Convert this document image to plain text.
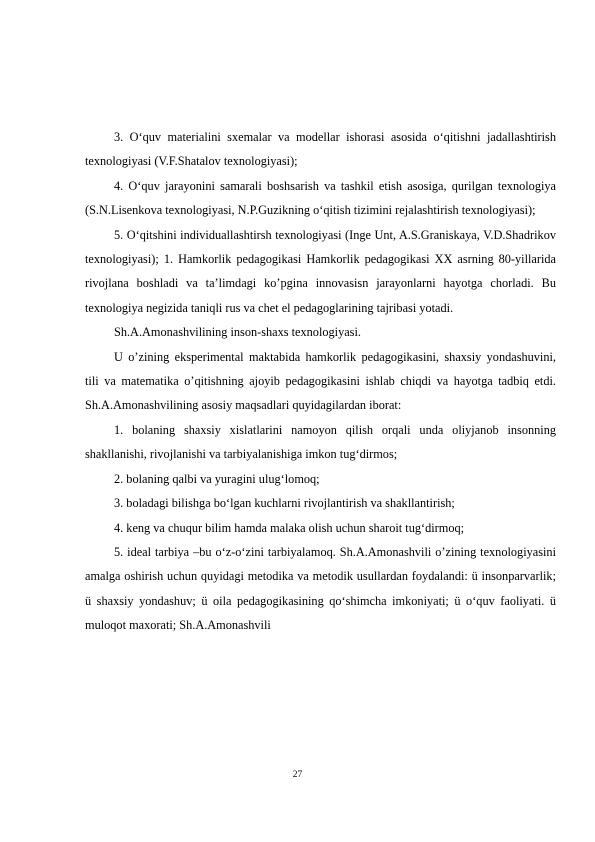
3. O‘quv materialini sxemalar va modellar ishorasi asosida o‘qitishni jadallashtirish texnologiyasi (V.F.Shatalov texnologiyasi);

4. O‘quv jarayonini samarali boshsarish va tashkil etish asosiga, qurilgan texnologiya (S.N.Lisenkova texnologiyasi, N.P.Guzikning o‘qitish tizimini rejalashtirish texnologiyasi);

5. O‘qitshini individuallashtirsh texnologiyasi (Inge Unt, A.S.Graniskaya, V.D.Shadrikov texnologiyasi); 1. Hamkorlik pedagogikasi Hamkorlik pedagogikasi XX asrning 80-yillarida rivojlana boshladi va ta’limdagi ko’pgina innovasisn jarayonlarni hayotga chorladi. Bu texnologiya negizida taniqli rus va chet el pedagoglarining tajribasi yotadi.

Sh.A.Amonashvilining inson-shaxs texnologiyasi.

U o’zining eksperimental maktabida hamkorlik pedagogikasini, shaxsiy yondashuvini, tili va matematika o’qitishning ajoyib pedagogikasini ishlab chiqdi va hayotga tadbiq etdi. Sh.A.Amonashvilining asosiy maqsadlari quyidagilardan iborat:

1. bolaning shaxsiy xislatlarini namoyon qilish orqali unda oliyjanob insonning shakllanishi, rivojlanishi va tarbiyalanishiga imkon tug‘dirmos;

2. bolaning qalbi va yuragini ulug‘lomoq;

3. boladagi bilishga bo‘lgan kuchlarni rivojlantirish va shakllantirish;

4. keng va chuqur bilim hamda malaka olish uchun sharoit tug‘dirmoq;

5. ideal tarbiya –bu o‘z-o‘zini tarbiyalamoq. Sh.A.Amonashvili o’zining texnologiyasini amalga oshirish uchun quyidagi metodika va metodik usullardan foydalandi: ü insonparvarlik; ü shaxsiy yondashuv; ü oila pedagogikasining qo‘shimcha imkoniyati; ü o‘quv faoliyati. ü muloqot maxorati; Sh.A.Amonashvili

27
